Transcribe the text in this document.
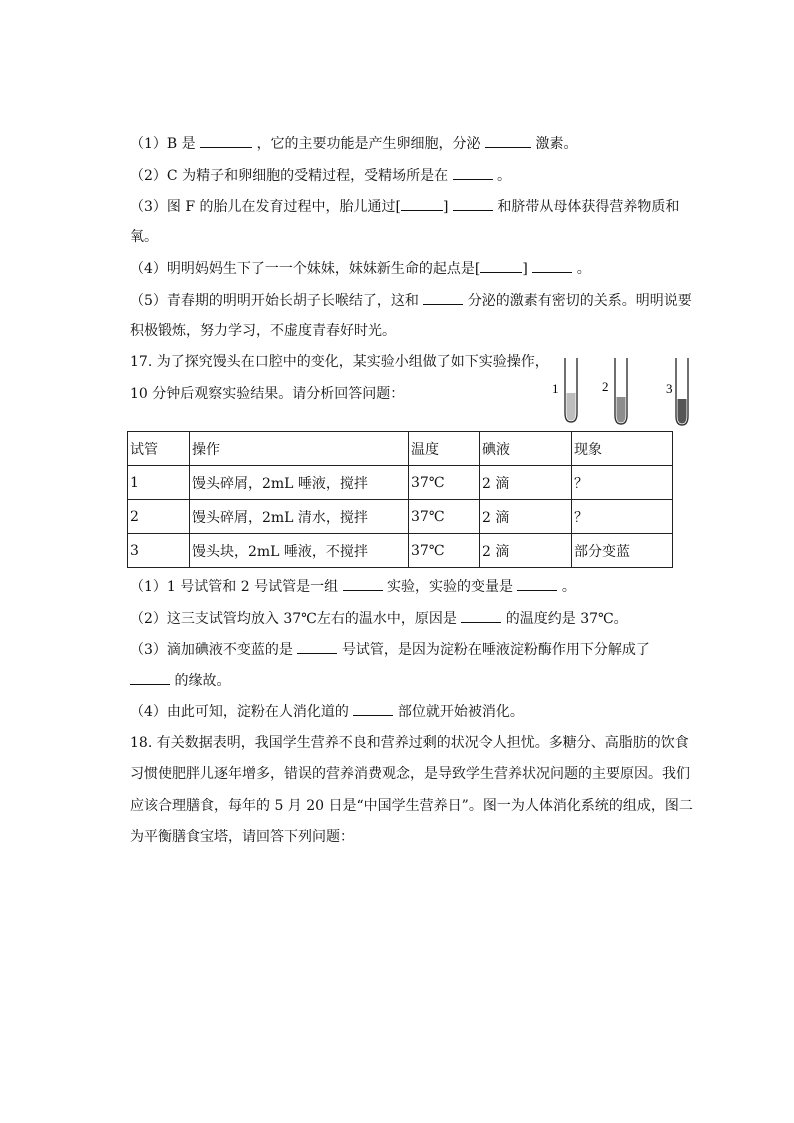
（1）B 是	，它的主要功能是产生卵细胞，分泌	激素。
（2）C 为精子和卵细胞的受精过程，受精场所是在	。
（3）图 F 的胎儿在发育过程中，胎儿通过[	]	和脐带从母体获得营养物质和
氧。
（4）明明妈妈生下了一一个妹妹，妹妹新生命的起点是[	]	。
（5）青春期的明明开始长胡子长喉结了，这和	分泌的激素有密切的关系。明明说要
积极锻炼，努力学习，不虚度青春好时光。
17. 为了探究馒头在口腔中的变化，某实验小组做了如下实验操作，
10 分钟后观察实验结果。请分析回答问题：	1	2	3
试管	操作	温度	碘液	现象
1	馒头碎屑，2mL 唾液，搅拌	37℃	2 滴	？
2	馒头碎屑，2mL 清水，搅拌	37℃	2 滴	？
3	馒头块，2mL 唾液，不搅拌	37℃	2 滴	部分变蓝
（1）1 号试管和 2 号试管是一组	实验，实验的变量是	。
（2）这三支试管均放入 37℃左右的温水中，原因是	的温度约是 37℃。
（3）滴加碘液不变蓝的是	号试管，是因为淀粉在唾液淀粉酶作用下分解成了
的缘故。
（4）由此可知，淀粉在人消化道的	部位就开始被消化。
18. 有关数据表明，我国学生营养不良和营养过剩的状况令人担忧。多糖分、高脂肪的饮食
习惯使肥胖儿逐年增多，错误的营养消费观念，是导致学生营养状况问题的主要原因。我们
应该合理膳食，每年的 5 月 20 日是“中国学生营养日”。图一为人体消化系统的组成，图二
为平衡膳食宝塔，请回答下列问题：
